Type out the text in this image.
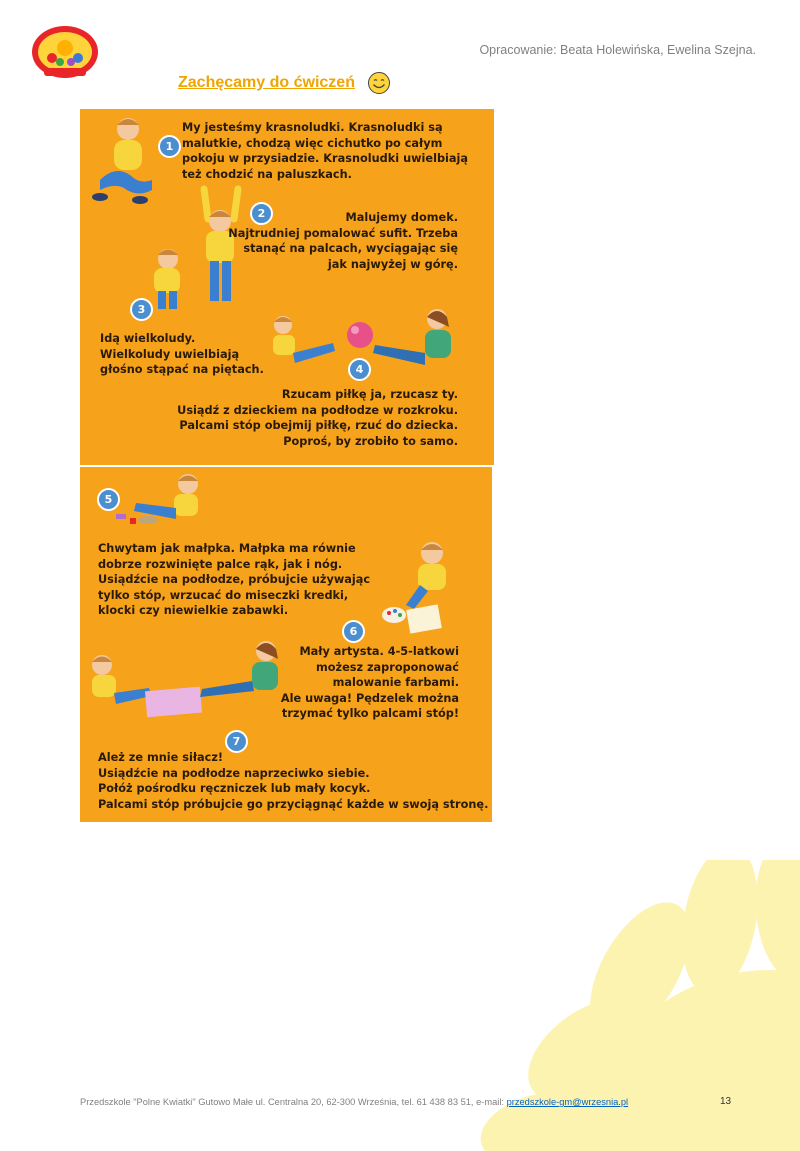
Opracowanie: Beata Holewińska, Ewelina Szejna.
Zachęcamy do ćwiczeń
1
My jesteśmy krasnoludki. Krasnoludki są
malutkie, chodzą więc cichutko po całym
pokoju w przysiadzie. Krasnoludki uwielbiają
też chodzić na paluszkach.
2	Malujemy domek.
Najtrudniej pomalować sufit. Trzeba
stanąć na palcach, wyciągając się
jak najwyżej w górę.
3
Idą wielkoludy.
Wielkoludy uwielbiają
głośno stąpać na piętach.	4
Rzucam piłkę ja, rzucasz ty.
Usiądź z dzieckiem na podłodze w rozkroku.
Palcami stóp obejmij piłkę, rzuć do dziecka.
Poproś, by zrobiło to samo.
5
Chwytam jak małpka. Małpka ma równie
dobrze rozwinięte palce rąk, jak i nóg.
Usiądźcie na podłodze, próbujcie używając
tylko stóp, wrzucać do miseczki kredki,
klocki czy niewielkie zabawki.
6
Mały artysta. 4-5-latkowi
możesz zaproponować
malowanie farbami.
Ale uwaga! Pędzelek można
trzymać tylko palcami stóp!
7
Ależ ze mnie siłacz!
Usiądźcie na podłodze naprzeciwko siebie.
Połóż pośrodku ręczniczek lub mały kocyk.
Palcami stóp próbujcie go przyciągnąć każde w swoją stronę.
Przedszkole "Polne Kwiatki" Gutowo Małe ul. Centralna 20, 62-300 Września, tel. 61 438 83 51, e-mail: przedszkole-gm@wrzesnia.pl	13
